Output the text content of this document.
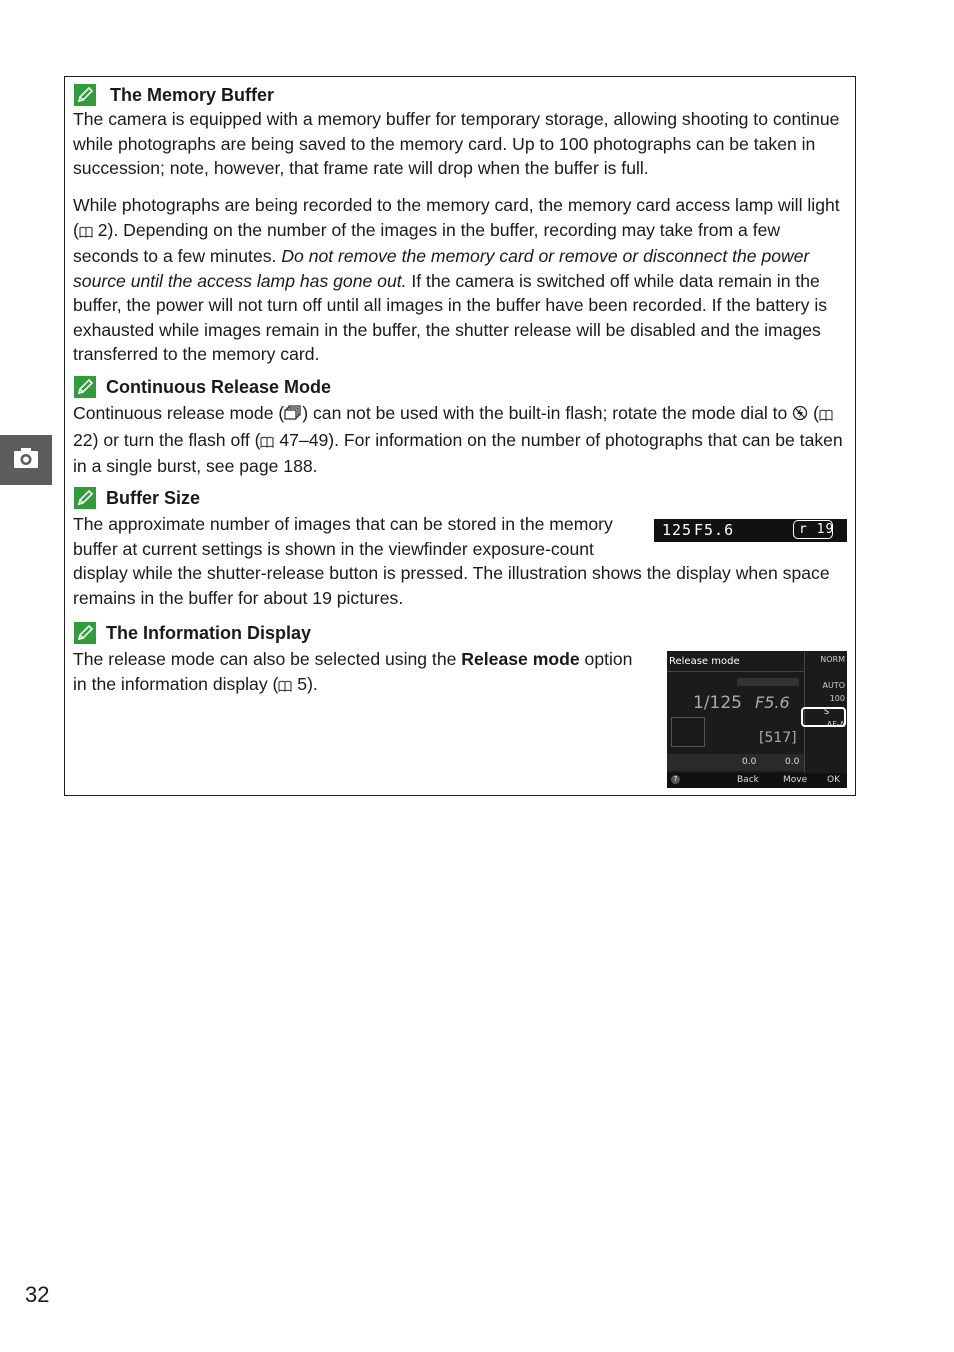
The Memory Buffer

The camera is equipped with a memory buffer for temporary storage, allowing shooting to continue while photographs are being saved to the memory card. Up to 100 photographs can be taken in succession; note, however, that frame rate will drop when the buffer is full.

While photographs are being recorded to the memory card, the memory card access lamp will light ( 2). Depending on the number of the images in the buffer, recording may take from a few seconds to a few minutes. Do not remove the memory card or remove or disconnect the power source until the access lamp has gone out. If the camera is switched off while data remain in the buffer, the power will not turn off until all images in the buffer have been recorded. If the battery is exhausted while images remain in the buffer, the shutter release will be disabled and the images transferred to the memory card.

Continuous Release Mode

Continuous release mode ( ) can not be used with the built-in flash; rotate the mode dial to  ( 22) or turn the flash off ( 47–49). For information on the number of photographs that can be taken in a single burst, see page 188.

Buffer Size

The approximate number of images that can be stored in the memory buffer at current settings is shown in the viewfinder exposure-count display while the shutter-release button is pressed. The illustration shows the display when space remains in the buffer for about 19 pictures.

The Information Display

The release mode can also be selected using the Release mode option in the information display ( 5).

125 F5.6	r 19
Release mode
1/125 F5.6
[517]
NORM
AUTO
100
S
AF-A
0.0	0.0
?	Back	Move OK
32
